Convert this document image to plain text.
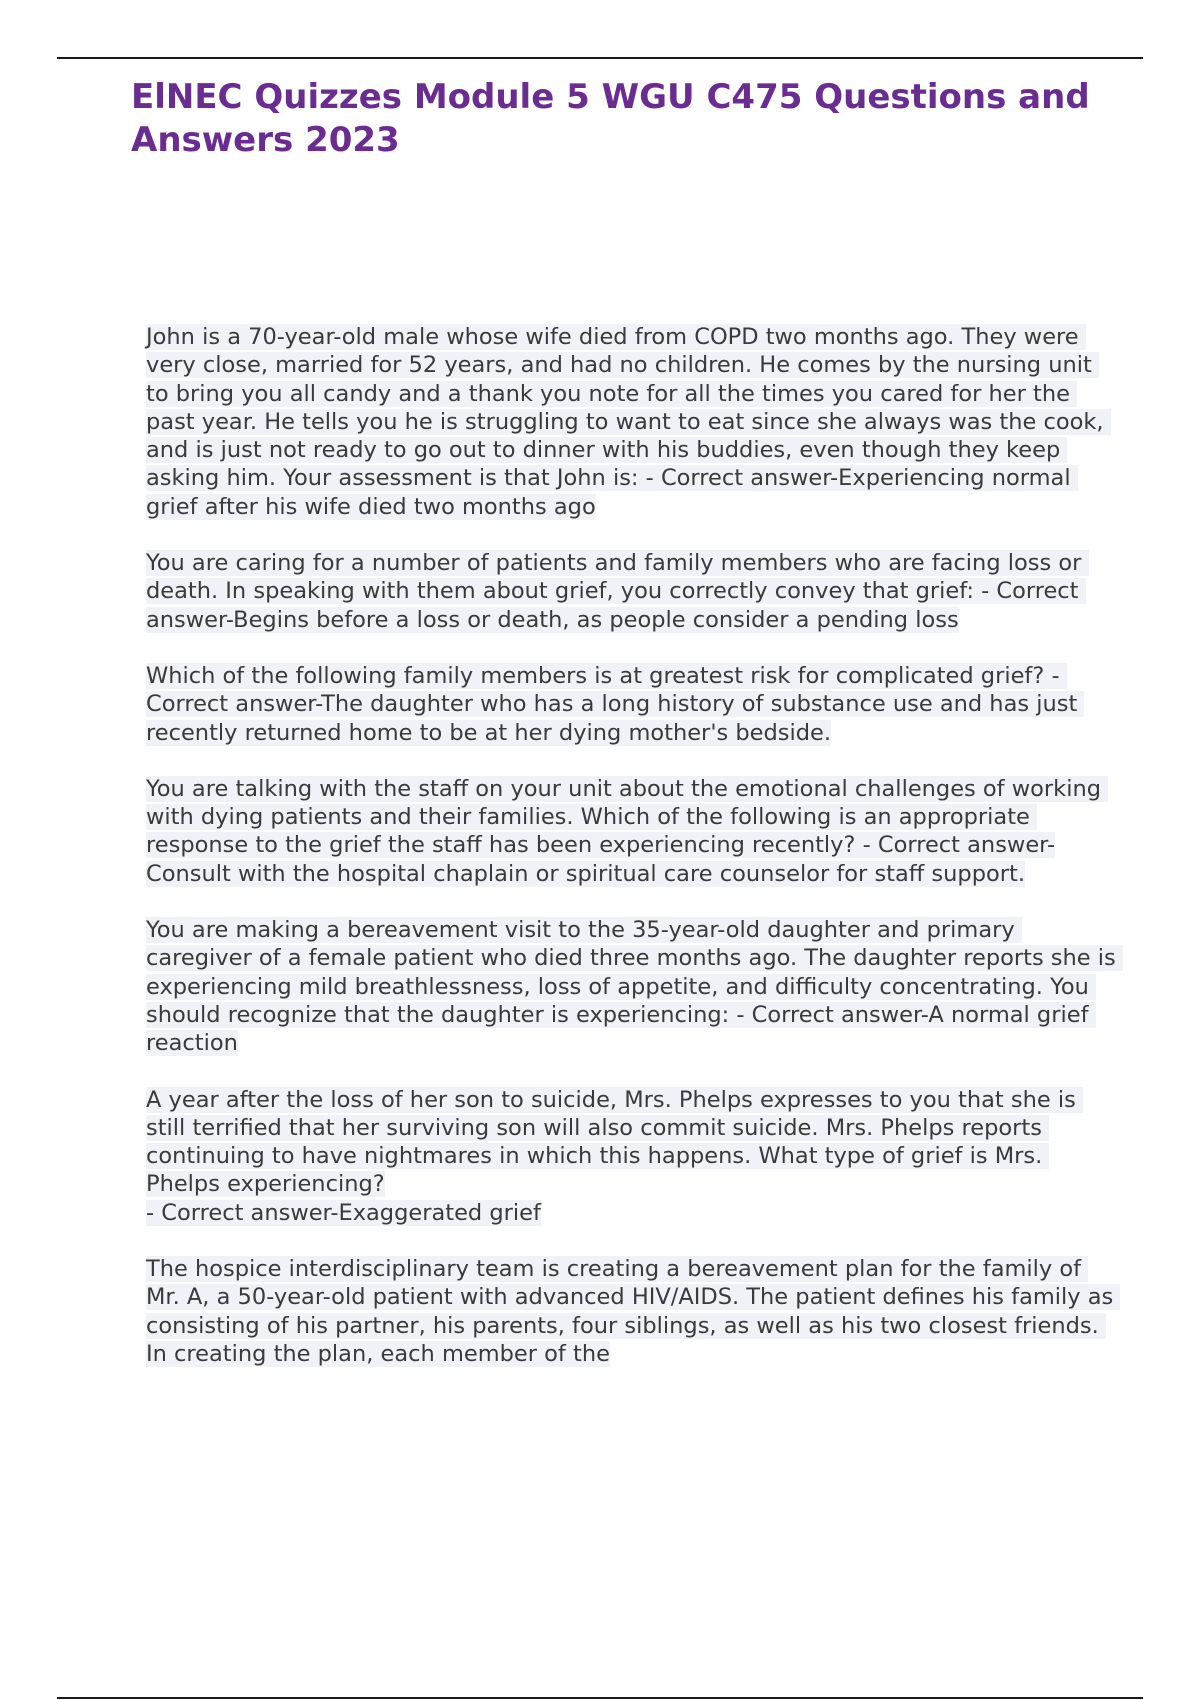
ElNEC Quizzes Module 5 WGU C475 Questions and Answers 2023
John is a 70-year-old male whose wife died from COPD two months ago. They were very close, married for 52 years, and had no children. He comes by the nursing unit to bring you all candy and a thank you note for all the times you cared for her the past year. He tells you he is struggling to want to eat since she always was the cook, and is just not ready to go out to dinner with his buddies, even though they keep asking him. Your assessment is that John is: - Correct answer-Experiencing normal grief after his wife died two months ago
You are caring for a number of patients and family members who are facing loss or death. In speaking with them about grief, you correctly convey that grief: - Correct answer-Begins before a loss or death, as people consider a pending loss
Which of the following family members is at greatest risk for complicated grief? - Correct answer-The daughter who has a long history of substance use and has just recently returned home to be at her dying mother's bedside.
You are talking with the staff on your unit about the emotional challenges of working with dying patients and their families. Which of the following is an appropriate response to the grief the staff has been experiencing recently? - Correct answer-Consult with the hospital chaplain or spiritual care counselor for staff support.
You are making a bereavement visit to the 35-year-old daughter and primary caregiver of a female patient who died three months ago. The daughter reports she is experiencing mild breathlessness, loss of appetite, and difficulty concentrating. You should recognize that the daughter is experiencing: - Correct answer-A normal grief reaction
A year after the loss of her son to suicide, Mrs. Phelps expresses to you that she is still terrified that her surviving son will also commit suicide. Mrs. Phelps reports continuing to have nightmares in which this happens. What type of grief is Mrs. Phelps experiencing?
- Correct answer-Exaggerated grief
The hospice interdisciplinary team is creating a bereavement plan for the family of Mr. A, a 50-year-old patient with advanced HIV/AIDS. The patient defines his family as consisting of his partner, his parents, four siblings, as well as his two closest friends. In creating the plan, each member of the
